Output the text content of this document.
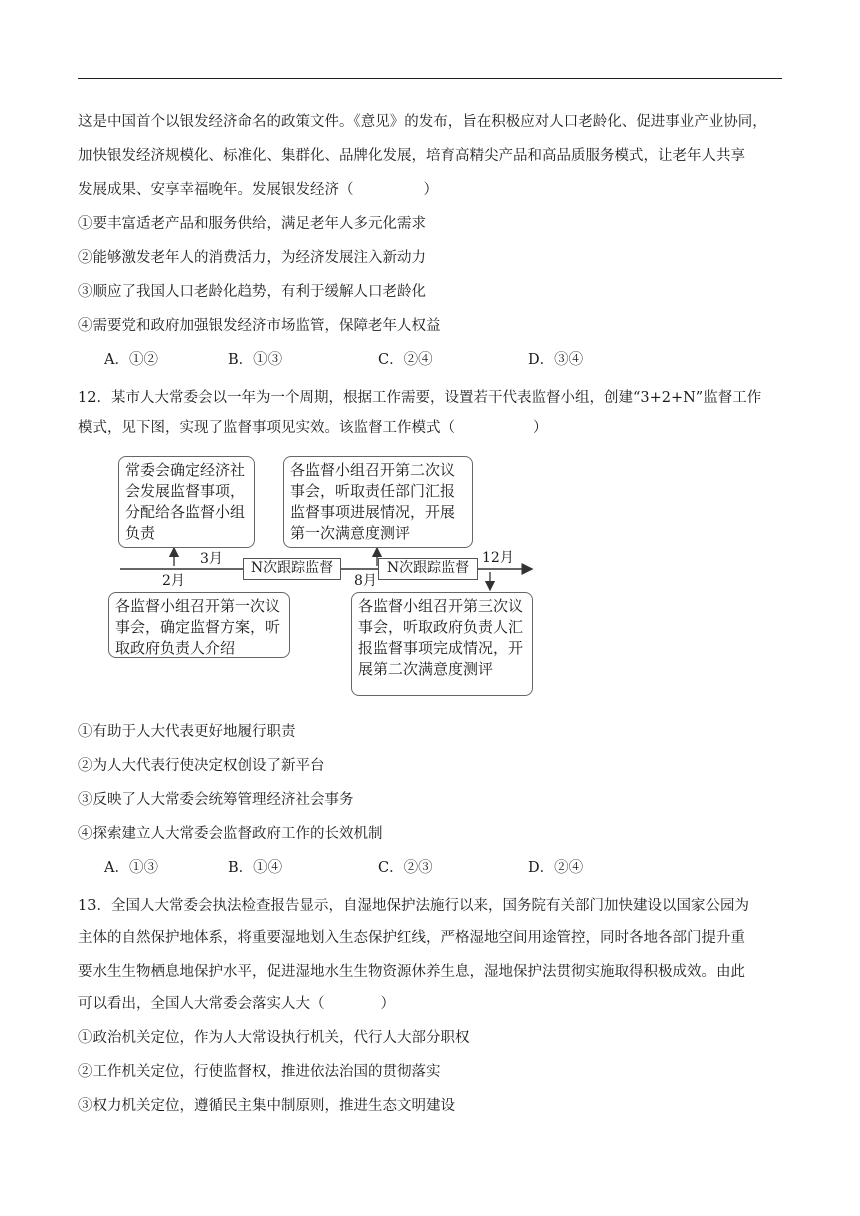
这是中国首个以银发经济命名的政策文件。《意见》的发布，旨在积极应对人口老龄化、促进事业产业协同，
加快银发经济规模化、标准化、集群化、品牌化发展，培育高精尖产品和高品质服务模式，让老年人共享
发展成果、安享幸福晚年。发展银发经济（	）
①要丰富适老产品和服务供给，满足老年人多元化需求
②能够激发老年人的消费活力，为经济发展注入新动力
③顺应了我国人口老龄化趋势，有利于缓解人口老龄化
④需要党和政府加强银发经济市场监管，保障老年人权益
A．①②	B．①③	C．②④	D．③④
12．某市人大常委会以一年为一个周期，根据工作需要，设置若干代表监督小组，创建“3+2+N”监督工作
模式，见下图，实现了监督事项见实效。该监督工作模式（	）
常委会确定经济社会发展监督事项，分配给各监督小组负责
各监督小组召开第二次议事会，听取责任部门汇报监督事项进展情况，开展第一次满意度测评
各监督小组召开第一次议事会，确定监督方案，听取政府负责人介绍
各监督小组召开第三次议事会，听取政府负责人汇报监督事项完成情况，开展第二次满意度测评
N次跟踪监督	N次跟踪监督
3月
2月	8月
12月
①有助于人大代表更好地履行职责
②为人大代表行使决定权创设了新平台
③反映了人大常委会统筹管理经济社会事务
④探索建立人大常委会监督政府工作的长效机制
A．①③	B．①④	C．②③	D．②④
13．全国人大常委会执法检查报告显示，自湿地保护法施行以来，国务院有关部门加快建设以国家公园为
主体的自然保护地体系，将重要湿地划入生态保护红线，严格湿地空间用途管控，同时各地各部门提升重
要水生生物栖息地保护水平，促进湿地水生生物资源休养生息，湿地保护法贯彻实施取得积极成效。由此
可以看出，全国人大常委会落实人大（	）
①政治机关定位，作为人大常设执行机关，代行人大部分职权
②工作机关定位，行使监督权，推进依法治国的贯彻落实
③权力机关定位，遵循民主集中制原则，推进生态文明建设
